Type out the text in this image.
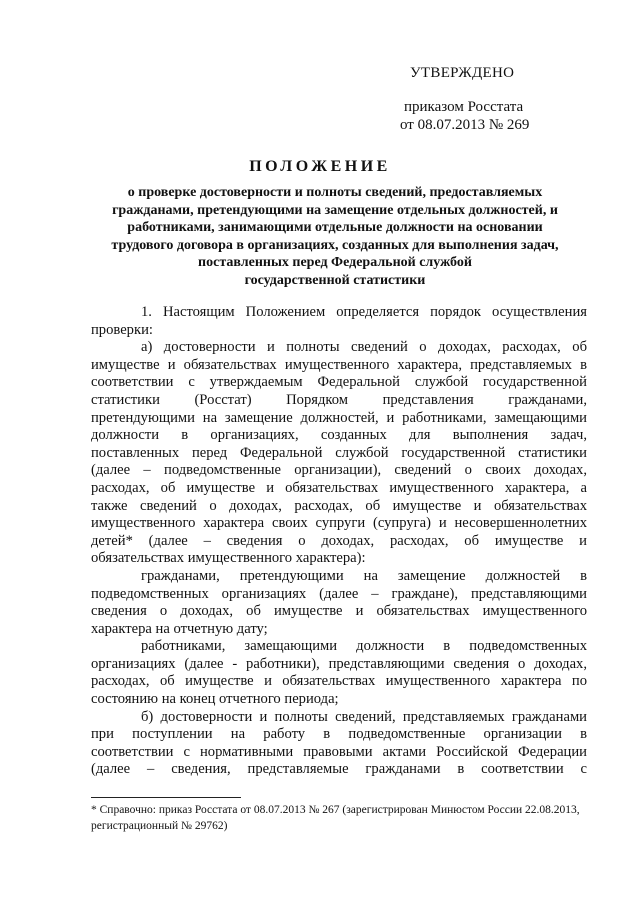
УТВЕРЖДЕНО
приказом Росстата
от 08.07.2013 № 269
ПОЛОЖЕНИЕ
о проверке достоверности и полноты сведений, предоставляемых
гражданами, претендующими на замещение отдельных должностей, и
работниками, занимающими отдельные должности на основании
трудового договора в организациях, созданных для выполнения задач,
поставленных перед Федеральной службой
государственной статистики
1. Настоящим Положением определяется порядок осуществления
проверки:
а) достоверности и полноты сведений о доходах, расходах, об
имуществе и обязательствах имущественного характера, представляемых в
соответствии с утверждаемым Федеральной службой государственной
статистики (Росстат) Порядком представления гражданами,
претендующими на замещение должностей, и работниками, замещающими
должности в организациях, созданных для выполнения задач,
поставленных перед Федеральной службой государственной статистики
(далее – подведомственные организации), сведений о своих доходах,
расходах, об имуществе и обязательствах имущественного характера, а
также сведений о доходах, расходах, об имуществе и обязательствах
имущественного характера своих супруги (супруга) и несовершеннолетних
детей* (далее – сведения о доходах, расходах, об имуществе и
обязательствах имущественного характера):
гражданами, претендующими на замещение должностей в
подведомственных организациях (далее – граждане), представляющими
сведения о доходах, об имуществе и обязательствах имущественного
характера на отчетную дату;
работниками, замещающими должности в подведомственных
организациях (далее - работники), представляющими сведения о доходах,
расходах, об имуществе и обязательствах имущественного характера по
состоянию на конец отчетного периода;
б) достоверности и полноты сведений, представляемых гражданами
при поступлении на работу в подведомственные организации в
соответствии с нормативными правовыми актами Российской Федерации
(далее – сведения, представляемые гражданами в соответствии с
* Справочно: приказ Росстата от 08.07.2013 № 267 (зарегистрирован Минюстом России 22.08.2013,
регистрационный № 29762)
